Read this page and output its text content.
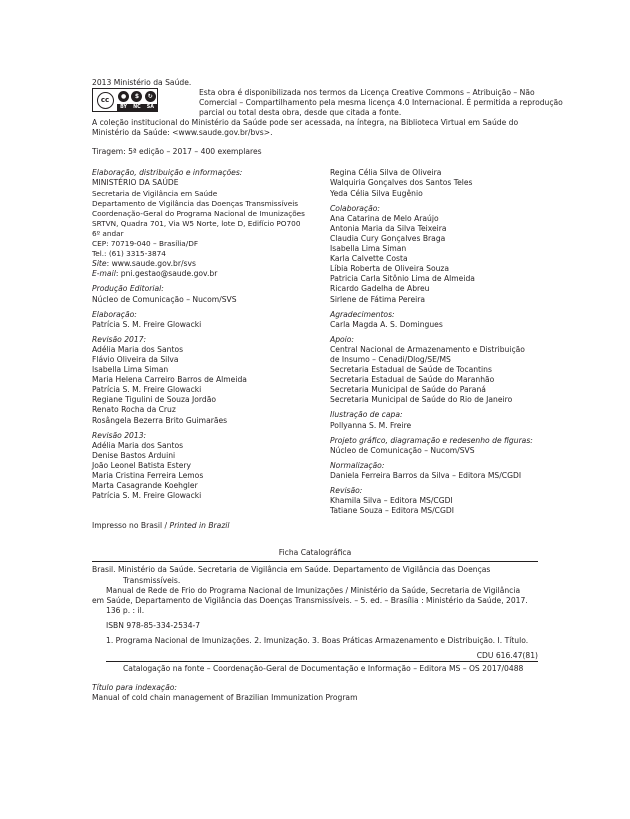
2013 Ministério da Saúde.
cc	●	$	↻
BY NC SA
Esta obra é disponibilizada nos termos da Licença Creative Commons – Atribuição – Não
Comercial – Compartilhamento pela mesma licença 4.0 Internacional. É permitida a reprodução
parcial ou total desta obra, desde que citada a fonte.
A coleção institucional do Ministério da Saúde pode ser acessada, na íntegra, na Biblioteca Virtual em Saúde do
Ministério da Saúde: <www.saude.gov.br/bvs>.
Tiragem: 5ª edição – 2017 – 400 exemplares
Elaboração, distribuição e informações:
MINISTÉRIO DA SAÚDE
Secretaria de Vigilância em Saúde
Departamento de Vigilância das Doenças Transmissíveis
Coordenação-Geral do Programa Nacional de Imunizações
SRTVN, Quadra 701, Via W5 Norte, lote D, Edifício PO700
6º andar
CEP: 70719-040 – Brasília/DF
Tel.: (61) 3315-3874
Site: www.saude.gov.br/svs
E-mail: pni.gestao@saude.gov.br
Produção Editorial:
Núcleo de Comunicação – Nucom/SVS
Elaboração:
Patrícia S. M. Freire Glowacki
Revisão 2017:
Adélia Maria dos Santos
Flávio Oliveira da Silva
Isabella Lima Siman
Maria Helena Carreiro Barros de Almeida
Patrícia S. M. Freire Glowacki
Regiane Tigulini de Souza Jordão
Renato Rocha da Cruz
Rosângela Bezerra Brito Guimarães
Revisão 2013:
Adélia Maria dos Santos
Denise Bastos Arduini
João Leonel Batista Estery
Maria Cristina Ferreira Lemos
Marta Casagrande Koehgler
Patrícia S. M. Freire Glowacki
Regina Célia Silva de Oliveira
Walquiria Gonçalves dos Santos Teles
Yeda Célia Silva Eugênio
Colaboração:
Ana Catarina de Melo Araújo
Antonia Maria da Silva Teixeira
Claudia Cury Gonçalves Braga
Isabella Lima Siman
Karla Calvette Costa
Líbia Roberta de Oliveira Souza
Patricia Carla Sitônio Lima de Almeida
Ricardo Gadelha de Abreu
Sirlene de Fátima Pereira
Agradecimentos:
Carla Magda A. S. Domingues
Apoio:
Central Nacional de Armazenamento e Distribuição
de Insumo – Cenadi/Dlog/SE/MS
Secretaria Estadual de Saúde de Tocantins
Secretaria Estadual de Saúde do Maranhão
Secretaria Municipal de Saúde do Paraná
Secretaria Municipal de Saúde do Rio de Janeiro
Ilustração de capa:
Pollyanna S. M. Freire
Projeto gráfico, diagramação e redesenho de figuras:
Núcleo de Comunicação – Nucom/SVS
Normalização:
Daniela Ferreira Barros da Silva – Editora MS/CGDI
Revisão:
Khamila Silva – Editora MS/CGDI
Tatiane Souza – Editora MS/CGDI
Impresso no Brasil / Printed in Brazil
Ficha Catalográfica
Brasil. Ministério da Saúde. Secretaria de Vigilância em Saúde. Departamento de Vigilância das Doenças
Transmissíveis.
Manual de Rede de Frio do Programa Nacional de Imunizações / Ministério da Saúde, Secretaria de Vigilância
em Saúde, Departamento de Vigilância das Doenças Transmissíveis. – 5. ed. – Brasília : Ministério da Saúde, 2017.
136 p. : il.
ISBN 978-85-334-2534-7
1. Programa Nacional de Imunizações. 2. Imunização. 3. Boas Práticas Armazenamento e Distribuição. I. Título.
CDU 616.47(81)
Catalogação na fonte – Coordenação-Geral de Documentação e Informação – Editora MS – OS 2017/0488
Título para indexação:
Manual of cold chain management of Brazilian Immunization Program
